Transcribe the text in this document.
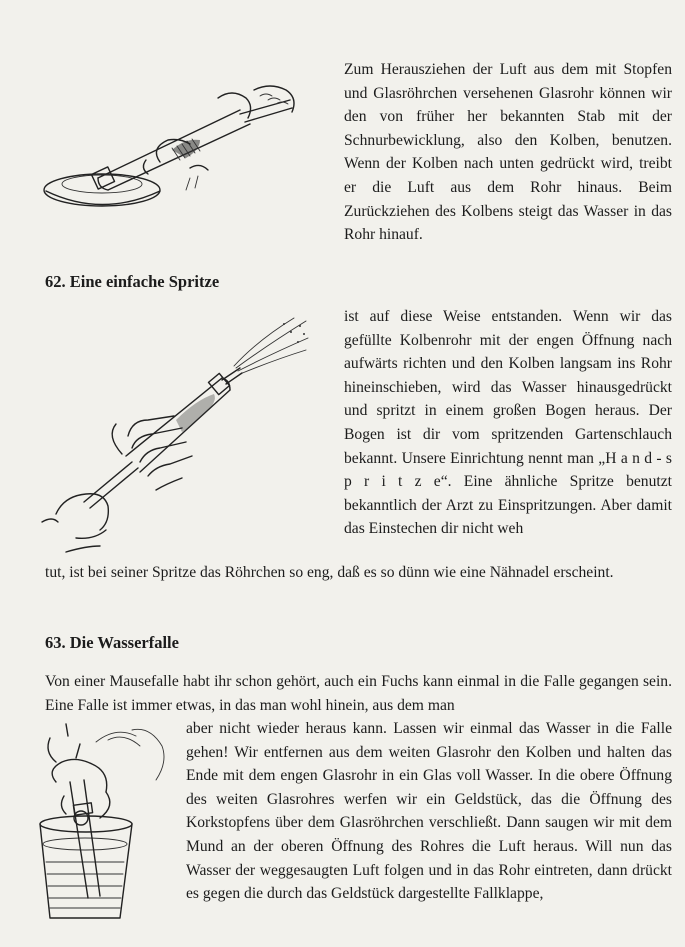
Zum Herausziehen der Luft aus dem mit Stopfen und Glasröhrchen versehenen Glasrohr können wir den von früher her bekannten Stab mit der Schnurbewicklung, also den Kolben, benutzen. Wenn der Kolben nach unten gedrückt wird, treibt er die Luft aus dem Rohr hinaus. Beim Zurückziehen des Kolbens steigt das Wasser in das Rohr hinauf.

62. Eine einfache Spritze

ist auf diese Weise entstanden. Wenn wir das gefüllte Kolbenrohr mit der engen Öffnung nach aufwärts richten und den Kolben langsam ins Rohr hineinschieben, wird das Wasser hinausgedrückt und spritzt in einem großen Bogen heraus. Der Bogen ist dir vom spritzenden Gartenschlauch bekannt. Unsere Einrichtung nennt man „H a n d - s p r i t z e“. Eine ähnliche Spritze benutzt bekanntlich der Arzt zu Einspritzungen. Aber damit das Einstechen dir nicht weh

tut, ist bei seiner Spritze das Röhrchen so eng, daß es so dünn wie eine Nähnadel erscheint.

63. Die Wasserfalle

Von einer Mausefalle habt ihr schon gehört, auch ein Fuchs kann einmal in die Falle gegangen sein. Eine Falle ist immer etwas, in das man wohl hinein, aus dem man

aber nicht wieder heraus kann. Lassen wir einmal das Wasser in die Falle gehen! Wir entfernen aus dem weiten Glasrohr den Kolben und halten das Ende mit dem engen Glasrohr in ein Glas voll Wasser. In die obere Öffnung des weiten Glasrohres werfen wir ein Geldstück, das die Öffnung des Korkstopfens über dem Glasröhrchen verschließt. Dann saugen wir mit dem Mund an der oberen Öffnung des Rohres die Luft heraus. Will nun das Wasser der weggesaugten Luft folgen und in das Rohr eintreten, dann drückt es gegen die durch das Geldstück dargestellte Fallklappe,
